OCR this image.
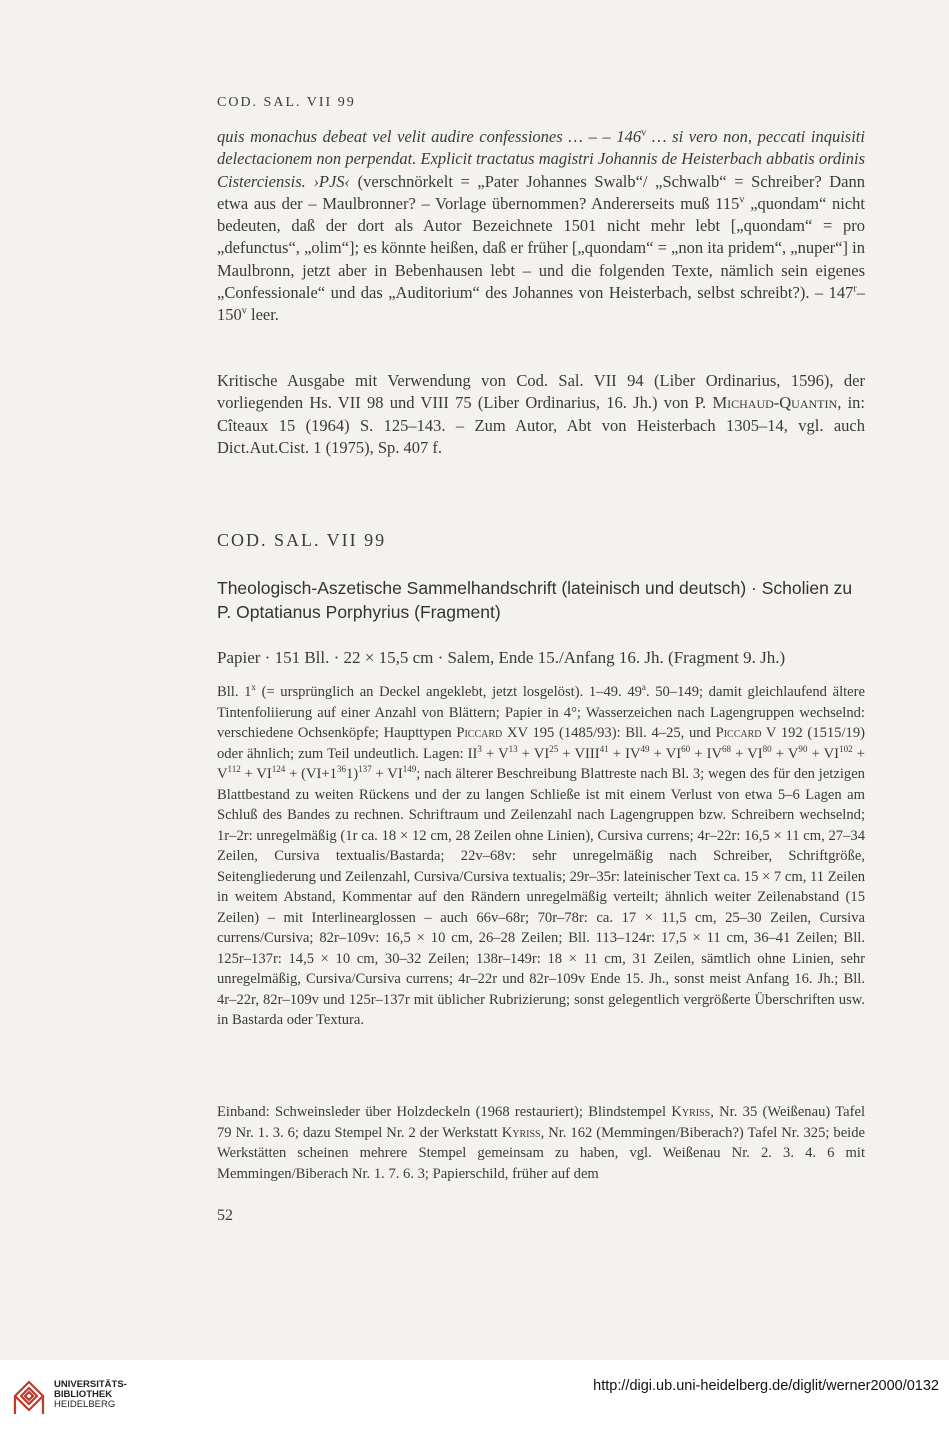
COD. SAL. VII 99

quis monachus debeat vel velit audire confessiones … – – 146$^v$ … si vero non, peccati inquisiti delectacionem non perpendat. Explicit tractatus magistri Johannis de Heisterbach abbatis ordinis Cisterciensis. ›PJS‹ (verschnörkelt = „Pater Johannes Swalb“/ „Schwalb“ = Schreiber? Dann etwa aus der – Maulbronner? – Vorlage übernommen? Andererseits muß 115$^v$ „quondam“ nicht bedeuten, daß der dort als Autor Bezeichnete 1501 nicht mehr lebt [„quondam“ = pro „defunctus“, „olim“]; es könnte heißen, daß er früher [„quondam“ = „non ita pridem“, „nuper“] in Maulbronn, jetzt aber in Bebenhausen lebt – und die folgenden Texte, nämlich sein eigenes „Confessionale“ und das „Auditorium“ des Johannes von Heisterbach, selbst schreibt?). – 147$^r$–150$^v$ leer.

Kritische Ausgabe mit Verwendung von Cod. Sal. VII 94 (Liber Ordinarius, 1596), der vorliegenden Hs. VII 98 und VIII 75 (Liber Ordinarius, 16. Jh.) von P. Michaud-Quantin, in: Cîteaux 15 (1964) S. 125–143. – Zum Autor, Abt von Heisterbach 1305–14, vgl. auch Dict.Aut.Cist. 1 (1975), Sp. 407 f.

COD. SAL. VII 99

Theologisch-Aszetische Sammelhandschrift (lateinisch und deutsch) · Scholien zu P. Optatianus Porphyrius (Fragment)

Papier · 151 Bll. · 22 × 15,5 cm · Salem, Ende 15./Anfang 16. Jh. (Fragment 9. Jh.)

Bll. 1$^x$ (= ursprünglich an Deckel angeklebt, jetzt losgelöst). 1–49. 49$^a$. 50–149; damit gleichlaufend ältere Tintenfoliierung auf einer Anzahl von Blättern; Papier in 4°; Wasserzeichen nach Lagengruppen wechselnd: verschiedene Ochsenköpfe; Haupttypen Piccard XV 195 (1485/93): Bll. 4–25, und Piccard V 192 (1515/19) oder ähnlich; zum Teil undeutlich. Lagen: $II^3 + V^{13} + VI^{25}$ + $VIII^{41} + IV^{49} + VI^{60} + IV^{68} + VI^{80} + V^{90} + VI^{102} + V^{112} + VI^{124} + (VI+1^{36}1)^{137} + VI^{149}$; nach älterer Beschreibung Blattreste nach Bl. 3; wegen des für den jetzigen Blattbestand zu weiten Rückens und der zu langen Schließe ist mit einem Verlust von etwa 5–6 Lagen am Schluß des Bandes zu rechnen. Schriftraum und Zeilenzahl nach Lagengruppen bzw. Schreibern wechselnd; 1r–2r: unregelmäßig (1r ca. 18 × 12 cm, 28 Zeilen ohne Linien), Cursiva currens; 4r–22r: 16,5 × 11 cm, 27–34 Zeilen, Cursiva textualis/Bastarda; 22v–68v: sehr unregelmäßig nach Schreiber, Schriftgröße, Seitengliederung und Zeilenzahl, Cursiva/Cursiva textualis; 29r–35r: lateinischer Text ca. 15 × 7 cm, 11 Zeilen in weitem Abstand, Kommentar auf den Rändern unregelmäßig verteilt; ähnlich weiter Zeilenabstand (15 Zeilen) – mit Interlinearglossen – auch 66v–68r; 70r–78r: ca. 17 × 11,5 cm, 25–30 Zeilen, Cursiva currens/Cursiva; 82r–109v: 16,5 × 10 cm, 26–28 Zeilen; Bll. 113–124r: 17,5 × 11 cm, 36–41 Zeilen; Bll. 125r–137r: 14,5 × 10 cm, 30–32 Zeilen; 138r–149r: 18 × 11 cm, 31 Zeilen, sämtlich ohne Linien, sehr unregelmäßig, Cursiva/Cursiva currens; 4r–22r und 82r–109v Ende 15. Jh., sonst meist Anfang 16. Jh.; Bll. 4r–22r, 82r–109v und 125r–137r mit üblicher Rubrizierung; sonst gelegentlich vergrößerte Überschriften usw. in Bastarda oder Textura.

Einband: Schweinsleder über Holzdeckeln (1968 restauriert); Blindstempel Kyriss, Nr. 35 (Weißenau) Tafel 79 Nr. 1. 3. 6; dazu Stempel Nr. 2 der Werkstatt Kyriss, Nr. 162 (Memmingen/Biberach?) Tafel Nr. 325; beide Werkstätten scheinen mehrere Stempel gemeinsam zu haben, vgl. Weißenau Nr. 2. 3. 4. 6 mit Memmingen/Biberach Nr. 1. 7. 6. 3; Papierschild, früher auf dem

52
UNIVERSITÄTS-
BIBLIOTHEK
HEIDELBERG
http://digi.ub.uni-heidelberg.de/diglit/werner2000/0132
